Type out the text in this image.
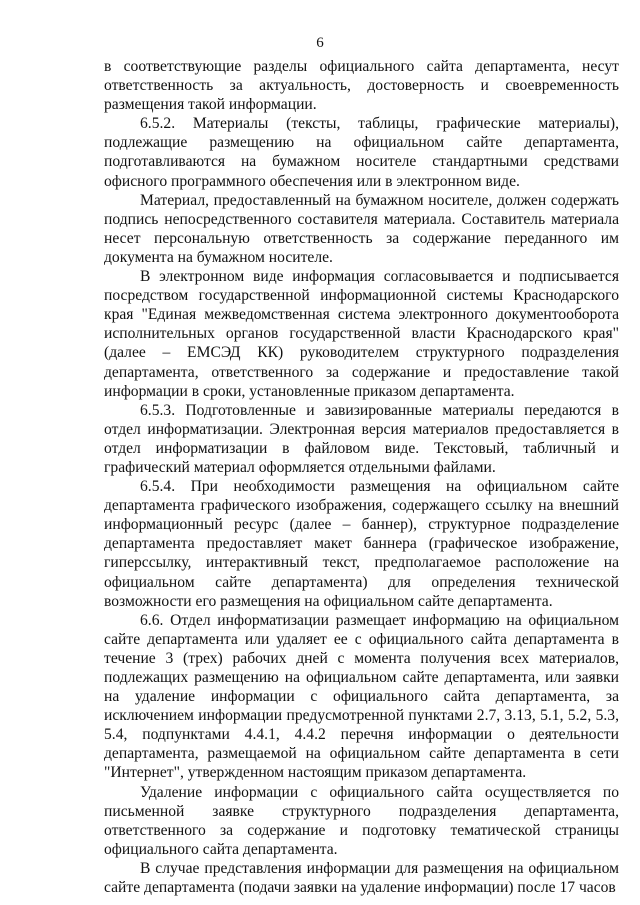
6

в соответствующие разделы официального сайта департамента, несут ответственность за актуальность, достоверность и своевременность размещения такой информации.

6.5.2. Материалы (тексты, таблицы, графические материалы), подлежащие размещению на официальном сайте департамента, подготавливаются на бумажном носителе стандартными средствами офисного программного обеспечения или в электронном виде.

Материал, предоставленный на бумажном носителе, должен содержать подпись непосредственного составителя материала. Составитель материала несет персональную ответственность за содержание переданного им документа на бумажном носителе.

В электронном виде информация согласовывается и подписывается посредством государственной информационной системы Краснодарского края "Единая межведомственная система электронного документооборота исполнительных органов государственной власти Краснодарского края" (далее – ЕМСЭД КК) руководителем структурного подразделения департамента, ответственного за содержание и предоставление такой информации в сроки, установленные приказом департамента.

6.5.3. Подготовленные и завизированные материалы передаются в отдел информатизации. Электронная версия материалов предоставляется в отдел информатизации в файловом виде. Текстовый, табличный и графический материал оформляется отдельными файлами.

6.5.4. При необходимости размещения на официальном сайте департамента графического изображения, содержащего ссылку на внешний информационный ресурс (далее – баннер), структурное подразделение департамента предоставляет макет баннера (графическое изображение, гиперссылку, интерактивный текст, предполагаемое расположение на официальном сайте департамента) для определения технической возможности его размещения на официальном сайте департамента.

6.6. Отдел информатизации размещает информацию на официальном сайте департамента или удаляет ее с официального сайта департамента в течение 3 (трех) рабочих дней с момента получения всех материалов, подлежащих размещению на официальном сайте департамента, или заявки на удаление информации с официального сайта департамента, за исключением информации предусмотренной пунктами 2.7, 3.13, 5.1, 5.2, 5.3, 5.4, подпунктами 4.4.1, 4.4.2 перечня информации о деятельности департамента, размещаемой на официальном сайте департамента в сети "Интернет", утвержденном настоящим приказом департамента.

Удаление информации с официального сайта осуществляется по письменной заявке структурного подразделения департамента, ответственного за содержание и подготовку тематической страницы официального сайта департамента.

В случае представления информации для размещения на официальном сайте департамента (подачи заявки на удаление информации) после 17 часов
